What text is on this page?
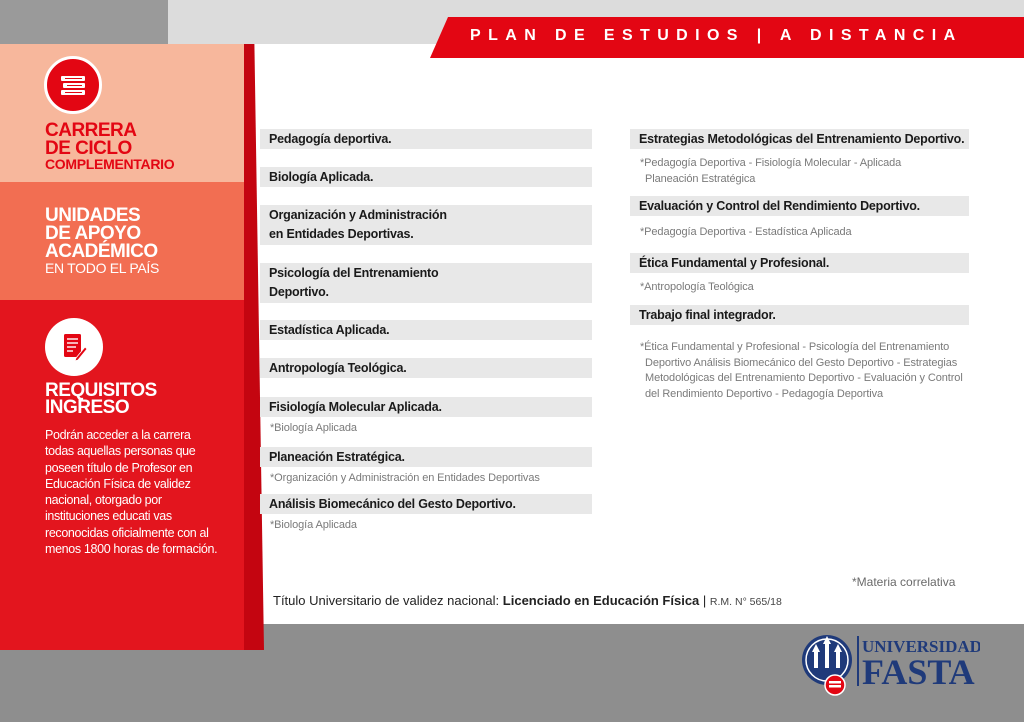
PLAN DE ESTUDIOS | A DISTANCIA
CARRERA
DE CICLO
COMPLEMENTARIO
UNIDADES
DE APOYO
ACADÉMICO
EN TODO EL PAÍS
REQUISITOS
INGRESO
Podrán acceder a la carrera todas aquellas personas que poseen título de Profesor en Educación Física de validez nacional, otorgado por instituciones educati vas reconocidas oficialmente con al menos 1800 horas de formación.
Pedagogía deportiva.
Biología Aplicada.
Organización y Administración
en Entidades Deportivas.
Psicología del Entrenamiento
Deportivo.
Estadística Aplicada.
Antropología Teológica.
Fisiología Molecular Aplicada.
*Biología Aplicada
Planeación Estratégica.
*Organización y Administración en Entidades Deportivas
Análisis Biomecánico del Gesto Deportivo.
*Biología Aplicada
Estrategias Metodológicas del Entrenamiento Deportivo.
*Pedagogía Deportiva - Fisiología Molecular - Aplicada
Planeación Estratégica
Evaluación y Control del Rendimiento Deportivo.
*Pedagogía Deportiva - Estadística Aplicada
Ética Fundamental y Profesional.
*Antropología Teológica
Trabajo final integrador.
*Ética Fundamental y Profesional - Psicología del Entrenamiento
Deportivo Análisis Biomecánico del Gesto Deportivo - Estrategias
Metodológicas del Entrenamiento Deportivo - Evaluación y Control
del Rendimiento Deportivo - Pedagogía Deportiva
*Materia correlativa
Título Universitario de validez nacional: Licenciado en Educación Física | R.M. N° 565/18
UNIVERSIDAD
FASTA
